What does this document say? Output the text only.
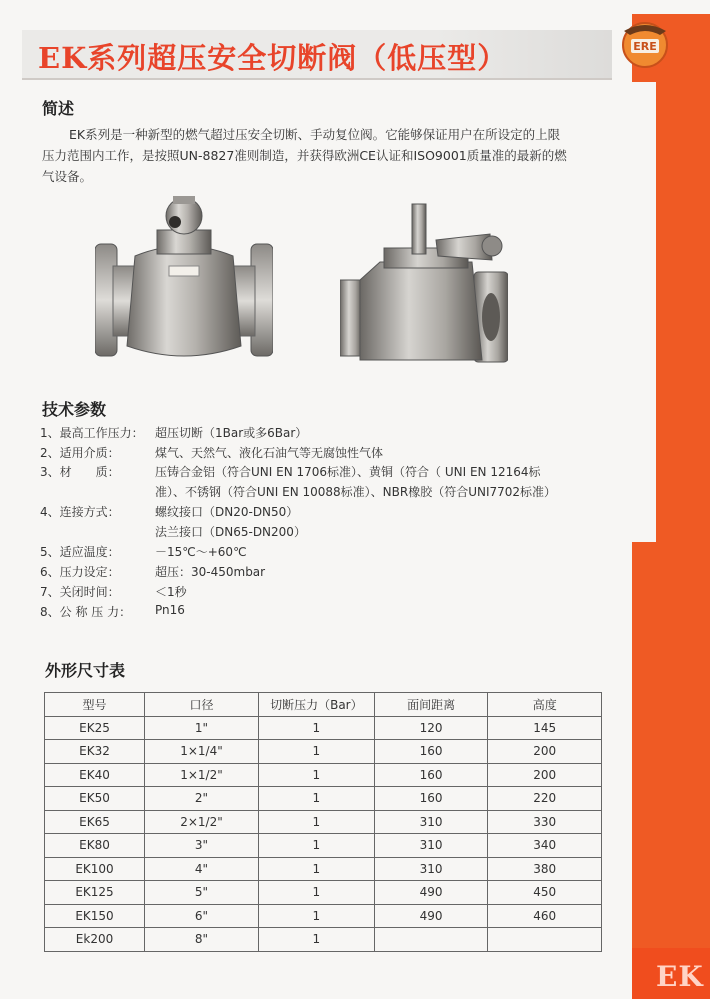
EK
ERE
EK系列超压安全切断阀（低压型）
简述
EK系列是一种新型的燃气超过压安全切断、手动复位阀。它能够保证用户在所设定的上限
压力范围内工作，是按照UN-8827准则制造，并获得欧洲CE认证和ISO9001质量准的最新的燃
气设备。
技术参数
1、最高工作压力： 超压切断（1Bar或多6Bar）
2、适用介质：	煤气、天然气、液化石油气等无腐蚀性气体
3、材　　质：	压铸合金铝（符合UNI EN 1706标准）、黄铜（符合（ UNI EN 12164标
准）、不锈钢（符合UNI EN 10088标准）、NBR橡胶（符合UNI7702标准）
4、连接方式：	螺纹接口（DN20-DN50）
法兰接口（DN65-DN200）
5、适应温度：	－15℃～+60℃
6、压力设定：	超压：30-450mbar
7、关闭时间：	＜1秒
8、公 称 压 力： Pn16
外形尺寸表
型号	口径	切断压力（Bar）	面间距离	高度
EK25	1"	1	120	145
EK32	1×1/4"	1	160	200
EK40	1×1/2"	1	160	200
EK50	2"	1	160	220
EK65	2×1/2"	1	310	330
EK80	3"	1	310	340
EK100	4"	1	310	380
EK125	5"	1	490	450
EK150	6"	1	490	460
Ek200	8"	1		
